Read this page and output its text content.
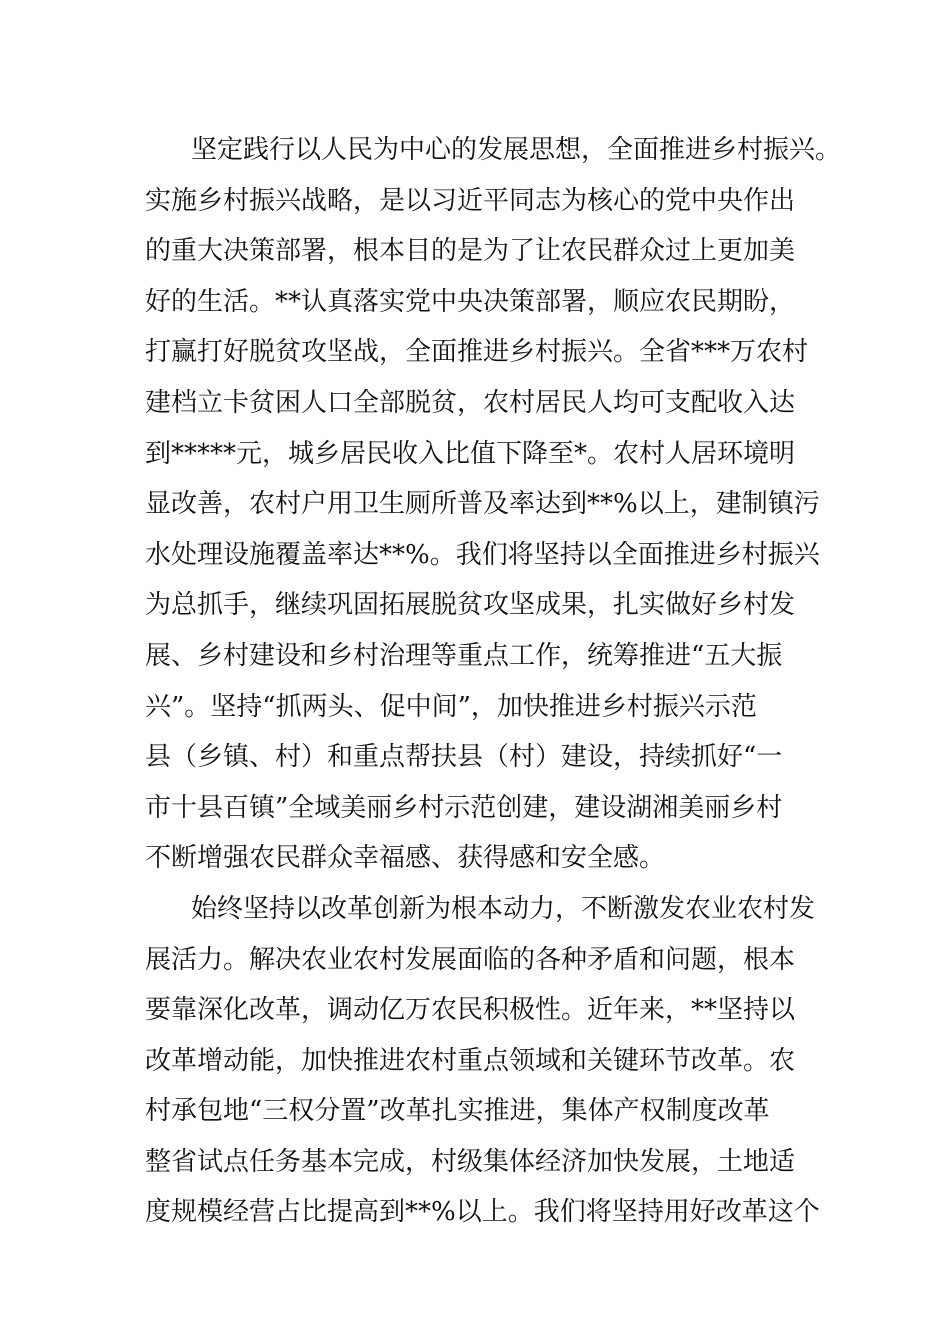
坚定践行以人民为中心的发展思想，全面推进乡村振兴。
实施乡村振兴战略，是以习近平同志为核心的党中央作出
的重大决策部署，根本目的是为了让农民群众过上更加美
好的生活。**认真落实党中央决策部署，顺应农民期盼，
打赢打好脱贫攻坚战，全面推进乡村振兴。全省***万农村
建档立卡贫困人口全部脱贫，农村居民人均可支配收入达
到*****元，城乡居民收入比值下降至*。农村人居环境明
显改善，农村户用卫生厕所普及率达到**%以上，建制镇污
水处理设施覆盖率达**%。我们将坚持以全面推进乡村振兴
为总抓手，继续巩固拓展脱贫攻坚成果，扎实做好乡村发
展、乡村建设和乡村治理等重点工作，统筹推进“五大振
兴”。坚持“抓两头、促中间”，加快推进乡村振兴示范
县（乡镇、村）和重点帮扶县（村）建设，持续抓好“一
市十县百镇”全域美丽乡村示范创建，建设湖湘美丽乡村
不断增强农民群众幸福感、获得感和安全感。
始终坚持以改革创新为根本动力，不断激发农业农村发
展活力。解决农业农村发展面临的各种矛盾和问题，根本
要靠深化改革，调动亿万农民积极性。近年来，**坚持以
改革增动能，加快推进农村重点领域和关键环节改革。农
村承包地“三权分置”改革扎实推进，集体产权制度改革
整省试点任务基本完成，村级集体经济加快发展，土地适
度规模经营占比提高到**%以上。我们将坚持用好改革这个
